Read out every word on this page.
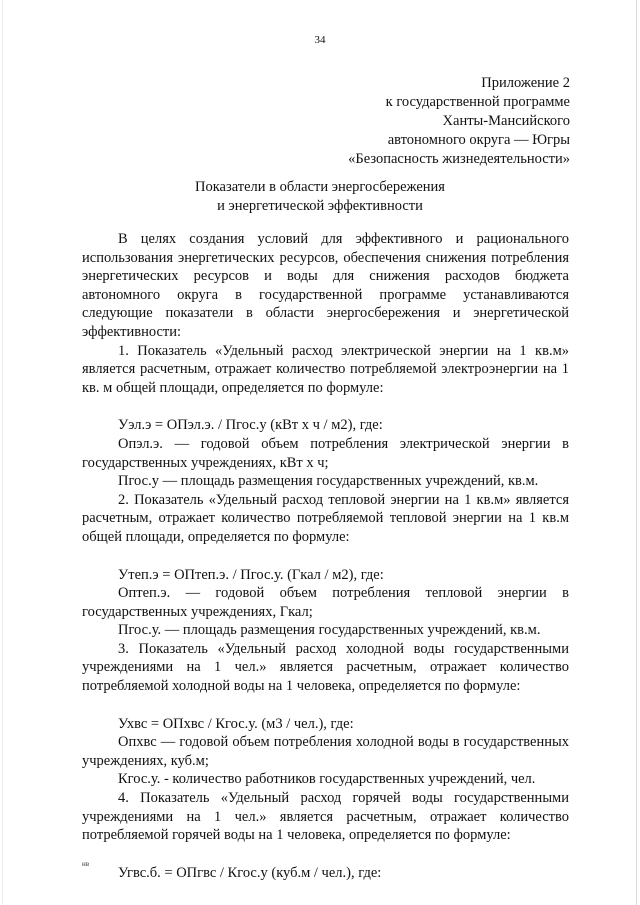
34
Приложение 2
к государственной программе
Ханты-Мансийского
автономного округа — Югры
«Безопасность жизнедеятельности»
Показатели в области энергосбережения
и энергетической эффективности

В целях создания условий для эффективного и рационального использования энергетических ресурсов, обеспечения снижения потребления энергетических ресурсов и воды для снижения расходов бюджета автономного округа в государственной программе устанавливаются следующие показатели в области энергосбережения и энергетической эффективности:

1. Показатель «Удельный расход электрической энергии на 1 кв.м» является расчетным, отражает количество потребляемой электроэнергии на 1 кв. м общей площади, определяется по формуле:

Уэл.э = ОПэл.э. / Пгос.у (кВт х ч / м2), где:

Опэл.э. — годовой объем потребления электрической энергии в государственных учреждениях, кВт х ч;

Пгос.у — площадь размещения государственных учреждений, кв.м.

2. Показатель «Удельный расход тепловой энергии на 1 кв.м» является расчетным, отражает количество потребляемой тепловой энергии на 1 кв.м общей площади, определяется по формуле:

Утеп.э = ОПтеп.э. / Пгос.у. (Гкал / м2), где:

Оптеп.э. — годовой объем потребления тепловой энергии в государственных учреждениях, Гкал;

Пгос.у. — площадь размещения государственных учреждений, кв.м.

3. Показатель «Удельный расход холодной воды государственными учреждениями на 1 чел.» является расчетным, отражает количество потребляемой холодной воды на 1 человека, определяется по формуле:

Ухвс = ОПхвс / Кгос.у. (м3 / чел.), где:

Опхвс — годовой объем потребления холодной воды в государственных учреждениях, куб.м;

Кгос.у. - количество работников государственных учреждений, чел.

4. Показатель «Удельный расход горячей воды государственными учреждениями на 1 чел.» является расчетным, отражает количество потребляемой горячей воды на 1 человека, определяется по формуле:

Угвс.б. = ОПгвс / Кгос.у (куб.м / чел.), где:

нв
